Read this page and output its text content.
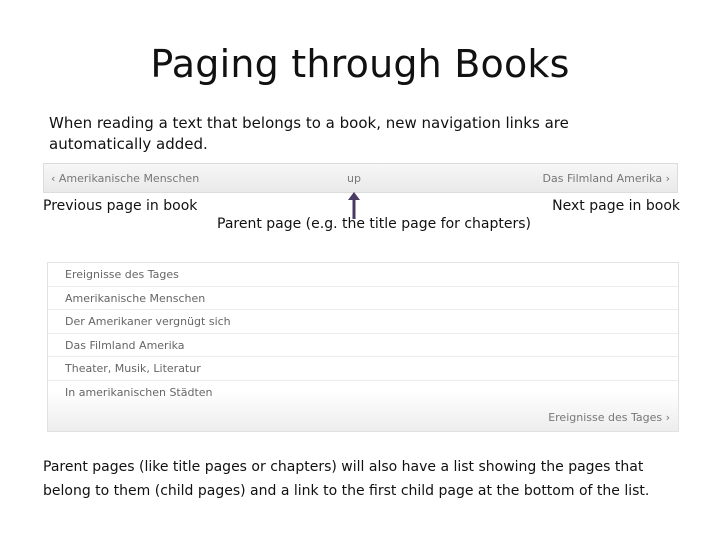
Paging through Books
When reading a text that belongs to a book, new navigation links are automatically added.
‹ Amerikanische Menschen	up	Das Filmland Amerika ›
Previous page in book	Next page in book
Parent page (e.g. the title page for chapters)
Ereignisse des Tages
Amerikanische Menschen
Der Amerikaner vergnügt sich
Das Filmland Amerika
Theater, Musik, Literatur
In amerikanischen Städten
Ereignisse des Tages ›
Parent pages (like title pages or chapters) will also have a list showing the pages that belong to them (child pages) and a link to the first child page at the bottom of the list.
